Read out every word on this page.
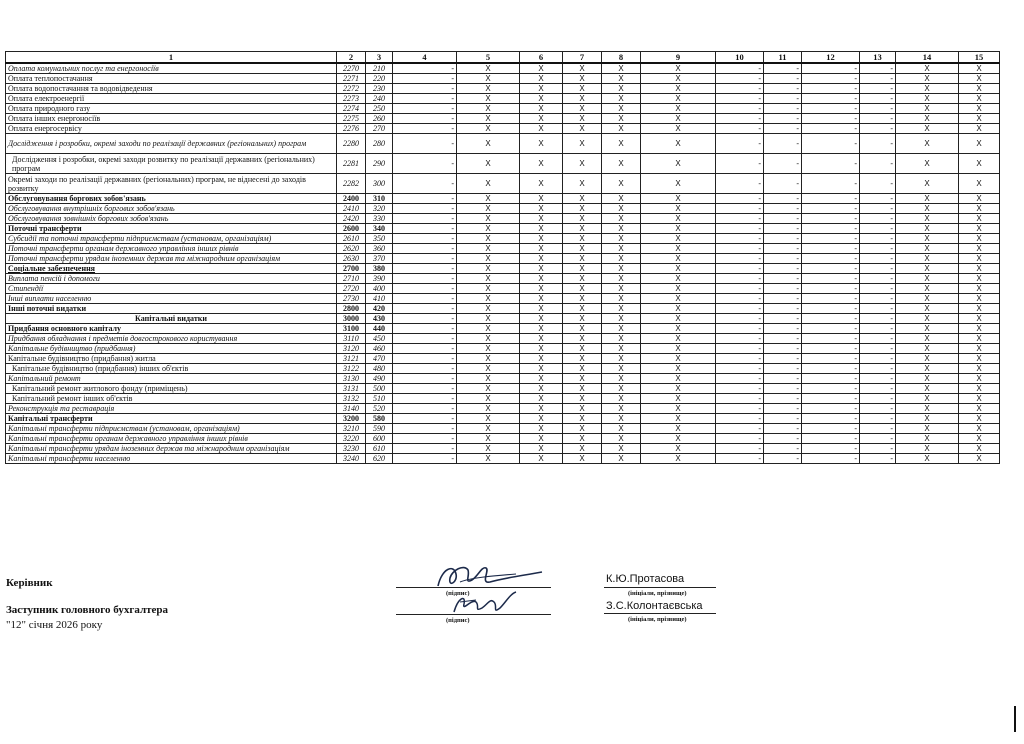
1	2	3	4	5	6	7	8	9	10	11	12	13	14	15
Оплата комунальних послуг та енергоносіїв	2270	210	-	X	X	X	X	X	-	-	-	-	X	X
Оплата теплопостачання	2271	220	-	X	X	X	X	X	-	-	-	-	X	X
Оплата водопостачання та водовідведення	2272	230	-	X	X	X	X	X	-	-	-	-	X	X
Оплата електроенергії	2273	240	-	X	X	X	X	X	-	-	-	-	X	X
Оплата природного газу	2274	250	-	X	X	X	X	X	-	-	-	-	X	X
Оплата інших енергоносіїв	2275	260	-	X	X	X	X	X	-	-	-	-	X	X
Оплата енергосервісу	2276	270	-	X	X	X	X	X	-	-	-	-	X	X
Дослідження і розробки, окремі заходи по реалізації державних (регіональних) програм	2280	280	-	X	X	X	X	X	-	-	-	-	X	X
Дослідження і розробки, окремі заходи розвитку по реалізації державних (регіональних) програм	2281	290	-	X	X	X	X	X	-	-	-	-	X	X
Окремі заходи по реалізації державних (регіональних) програм, не віднесені до заходів розвитку	2282	300	-	X	X	X	X	X	-	-	-	-	X	X
Обслуговування боргових зобов'язань	2400	310	-	X	X	X	X	X	-	-	-	-	X	X
Обслуговування внутрішніх боргових зобов'язань	2410	320	-	X	X	X	X	X	-	-	-	-	X	X
Обслуговування зовнішніх боргових зобов'язань	2420	330	-	X	X	X	X	X	-	-	-	-	X	X
Поточні трансферти	2600	340	-	X	X	X	X	X	-	-	-	-	X	X
Субсидії та поточні трансферти підприємствам (установам, організаціям)	2610	350	-	X	X	X	X	X	-	-	-	-	X	X
Поточні трансферти органам державного управління інших рівнів	2620	360	-	X	X	X	X	X	-	-	-	-	X	X
Поточні трансферти урядам іноземних держав та міжнародним організаціям	2630	370	-	X	X	X	X	X	-	-	-	-	X	X
Соціальне забезпечення	2700	380	-	X	X	X	X	X	-	-	-	-	X	X
Виплата пенсій і допомоги	2710	390	-	X	X	X	X	X	-	-	-	-	X	X
Стипендії	2720	400	-	X	X	X	X	X	-	-	-	-	X	X
Інші виплати населенню	2730	410	-	X	X	X	X	X	-	-	-	-	X	X
Інші поточні видатки	2800	420	-	X	X	X	X	X	-	-	-	-	X	X
Капітальні видатки	3000	430	-	X	X	X	X	X	-	-	-	-	X	X
Придбання основного капіталу	3100	440	-	X	X	X	X	X	-	-	-	-	X	X
Придбання обладнання і предметів довгострокового користування	3110	450	-	X	X	X	X	X	-	-	-	-	X	X
Капітальне будівництво (придбання)	3120	460	-	X	X	X	X	X	-	-	-	-	X	X
Капітальне будівництво (придбання) житла	3121	470	-	X	X	X	X	X	-	-	-	-	X	X
Капітальне будівництво (придбання) інших об'єктів	3122	480	-	X	X	X	X	X	-	-	-	-	X	X
Капітальний ремонт	3130	490	-	X	X	X	X	X	-	-	-	-	X	X
Капітальний ремонт житлового фонду (приміщень)	3131	500	-	X	X	X	X	X	-	-	-	-	X	X
Капітальний ремонт інших об'єктів	3132	510	-	X	X	X	X	X	-	-	-	-	X	X
Реконструкція та реставрація	3140	520	-	X	X	X	X	X	-	-	-	-	X	X
Капітальні трансферти	3200	580	-	X	X	X	X	X	-	-	-	-	X	X
Капітальні трансферти підприємствам (установам, організаціям)	3210	590	-	X	X	X	X	X	-	-	-	-	X	X
Капітальні трансферти органам державного управління інших рівнів	3220	600	-	X	X	X	X	X	-	-	-	-	X	X
Капітальні трансферти урядам іноземних держав та міжнародним організаціям	3230	610	-	X	X	X	X	X	-	-	-	-	X	X
Капітальні трансферти населенню	3240	620	-	X	X	X	X	X	-	-	-	-	X	X
Керівник
Заступник головного бухгалтера
"12" січня 2026 року
(підпис)
(підпис)
К.Ю.Протасова
(ініціали, прізвище)
З.С.Колонтаєвська
(ініціали, прізвище)
